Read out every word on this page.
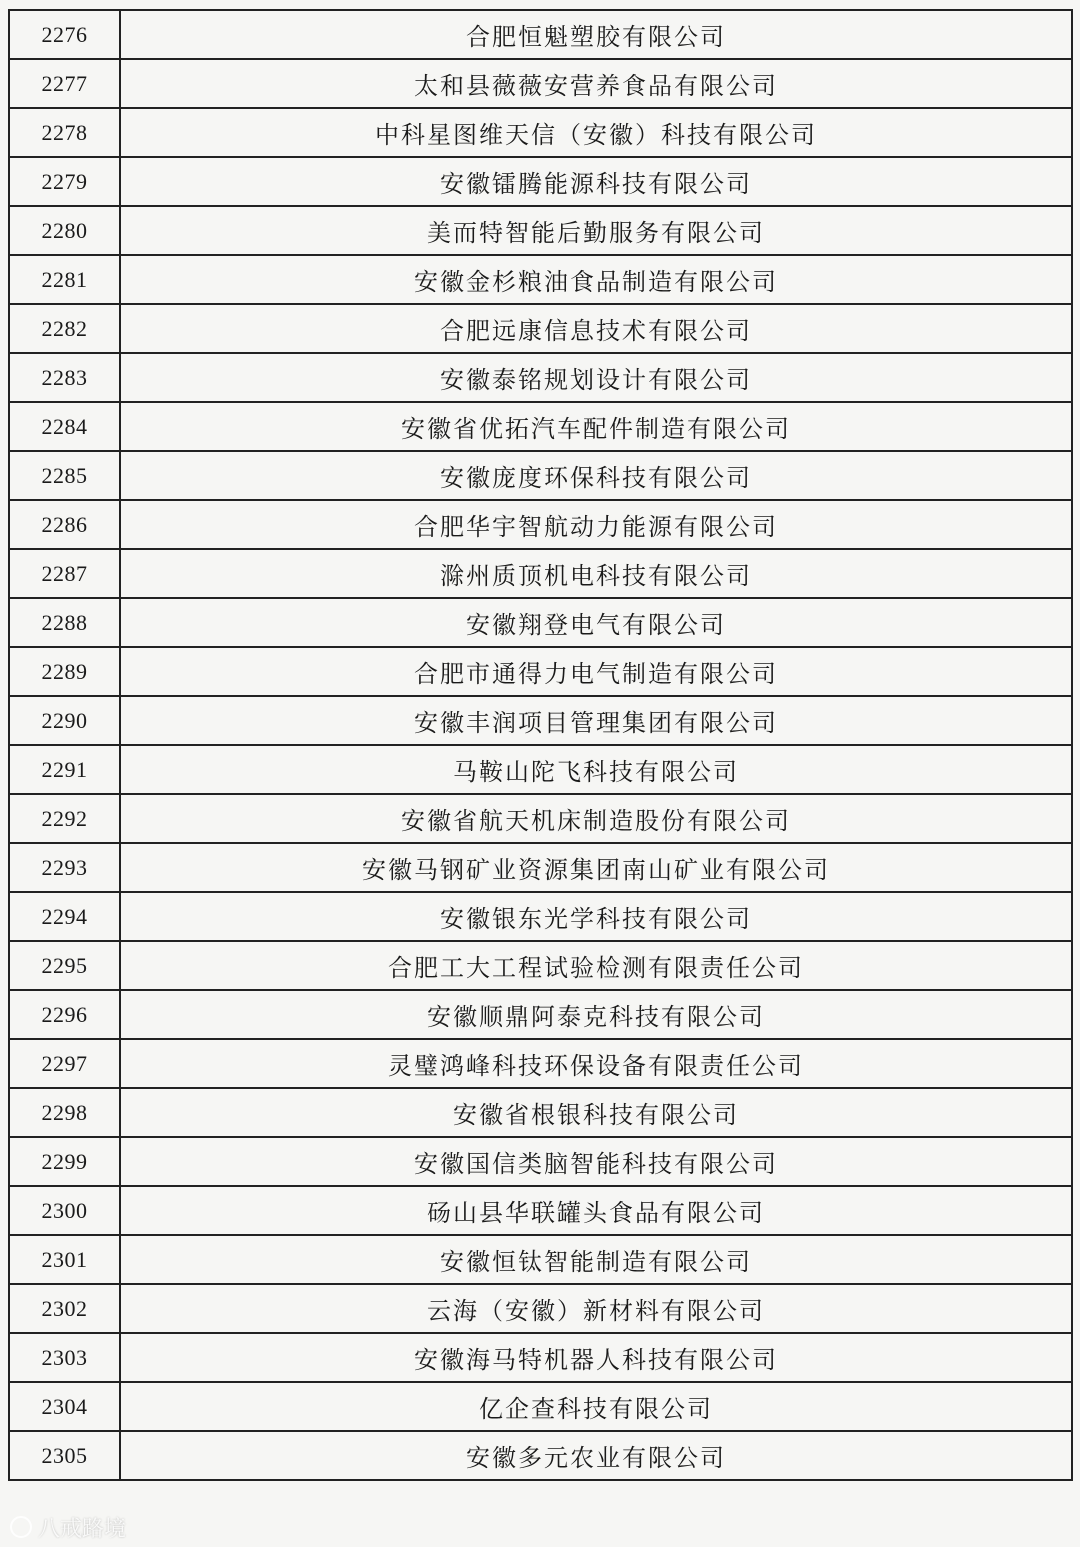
2276	合肥恒魁塑胶有限公司
2277	太和县薇薇安营养食品有限公司
2278	中科星图维天信（安徽）科技有限公司
2279	安徽镭腾能源科技有限公司
2280	美而特智能后勤服务有限公司
2281	安徽金杉粮油食品制造有限公司
2282	合肥远康信息技术有限公司
2283	安徽泰铭规划设计有限公司
2284	安徽省优拓汽车配件制造有限公司
2285	安徽庞度环保科技有限公司
2286	合肥华宇智航动力能源有限公司
2287	滁州质顶机电科技有限公司
2288	安徽翔登电气有限公司
2289	合肥市通得力电气制造有限公司
2290	安徽丰润项目管理集团有限公司
2291	马鞍山陀飞科技有限公司
2292	安徽省航天机床制造股份有限公司
2293	安徽马钢矿业资源集团南山矿业有限公司
2294	安徽银东光学科技有限公司
2295	合肥工大工程试验检测有限责任公司
2296	安徽顺鼎阿泰克科技有限公司
2297	灵璧鸿峰科技环保设备有限责任公司
2298	安徽省根银科技有限公司
2299	安徽国信类脑智能科技有限公司
2300	砀山县华联罐头食品有限公司
2301	安徽恒钛智能制造有限公司
2302	云海（安徽）新材料有限公司
2303	安徽海马特机器人科技有限公司
2304	亿企查科技有限公司
2305	安徽多元农业有限公司
八戒路境
